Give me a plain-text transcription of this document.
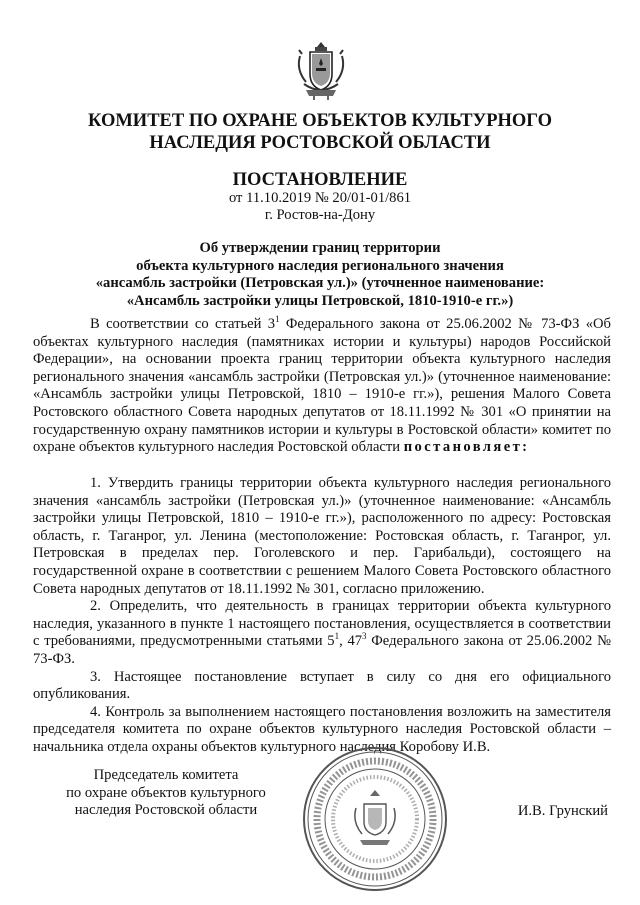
КОМИТЕТ ПО ОХРАНЕ ОБЪЕКТОВ КУЛЬТУРНОГО
НАСЛЕДИЯ РОСТОВСКОЙ ОБЛАСТИ
ПОСТАНОВЛЕНИЕ
от 11.10.2019 № 20/01-01/861
г. Ростов-на-Дону
Об утверждении границ территории
объекта культурного наследия регионального значения
«ансамбль застройки (Петровская ул.)» (уточненное наименование:
«Ансамбль застройки улицы Петровской, 1810-1910-е гг.»)
В соответствии со статьей $3^1$ Федерального закона от 25.06.2002 № 73-ФЗ «Об объектах культурного наследия (памятниках истории и культуры) народов Российской Федерации», на основании проекта границ территории объекта культурного наследия регионального значения «ансамбль застройки (Петровская ул.)» (уточненное наименование: «Ансамбль застройки улицы Петровской, 1810 – 1910-е гг.»), решения Малого Совета Ростовского областного Совета народных депутатов от 18.11.1992 № 301 «О принятии на государственную охрану памятников истории и культуры в Ростовской области» комитет по охране объектов культурного наследия Ростовской области постановляет:

1. Утвердить границы территории объекта культурного наследия регионального значения «ансамбль застройки (Петровская ул.)» (уточненное наименование: «Ансамбль застройки улицы Петровской, 1810 – 1910-е гг.»), расположенного по адресу: Ростовская область, г. Таганрог, ул. Ленина (местоположение: Ростовская область, г. Таганрог, ул. Петровская в пределах пер. Гоголевского и пер. Гарибальди), состоящего на государственной охране в соответствии с решением Малого Совета Ростовского областного Совета народных депутатов от 18.11.1992 № 301, согласно приложению.

2. Определить, что деятельность в границах территории объекта культурного наследия, указанного в пункте 1 настоящего постановления, осуществляется в соответствии с требованиями, предусмотренными статьями $5^1$, $47^3$ Федерального закона от 25.06.2002 № 73-ФЗ.

3. Настоящее постановление вступает в силу со дня его официального опубликования.

4. Контроль за выполнением настоящего постановления возложить на заместителя председателя комитета по охране объектов культурного наследия Ростовской области – начальника отдела охраны объектов культурного наследия Коробову И.В.

Председатель комитета
по охране объектов культурного
наследия Ростовской области	И.В. Грунский
